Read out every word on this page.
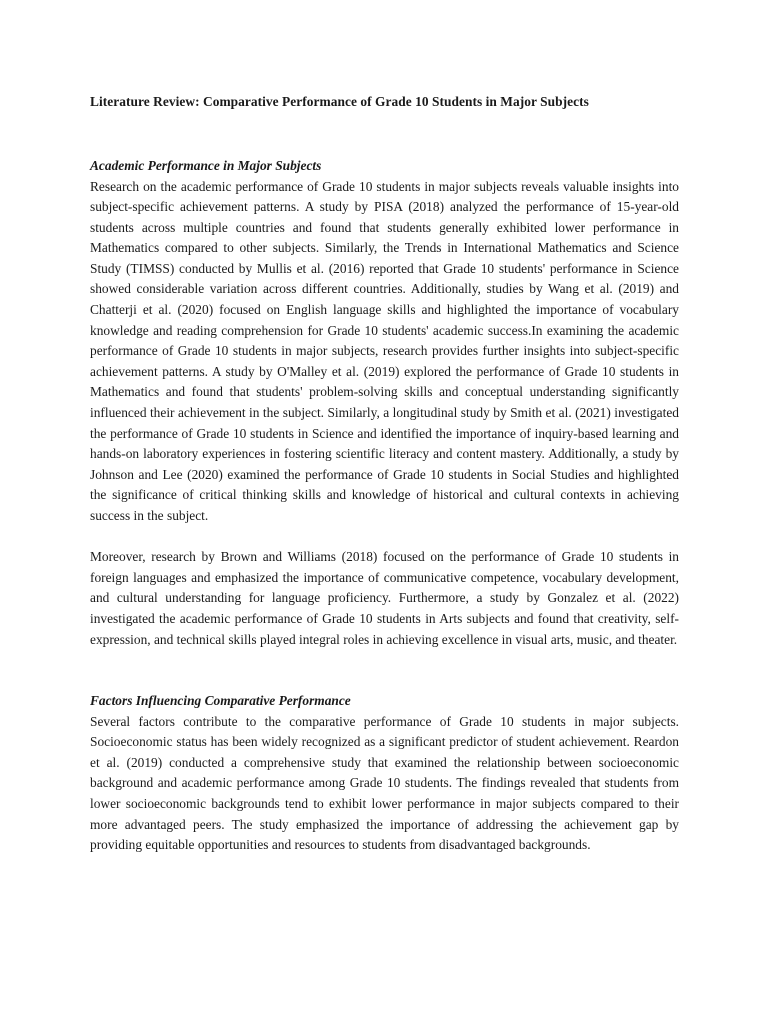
Literature Review: Comparative Performance of Grade 10 Students in Major Subjects
Academic Performance in Major Subjects

Research on the academic performance of Grade 10 students in major subjects reveals valuable insights into subject-specific achievement patterns. A study by PISA (2018) analyzed the performance of 15-year-old students across multiple countries and found that students generally exhibited lower performance in Mathematics compared to other subjects. Similarly, the Trends in International Mathematics and Science Study (TIMSS) conducted by Mullis et al. (2016) reported that Grade 10 students' performance in Science showed considerable variation across different countries. Additionally, studies by Wang et al. (2019) and Chatterji et al. (2020) focused on English language skills and highlighted the importance of vocabulary knowledge and reading comprehension for Grade 10 students' academic success.In examining the academic performance of Grade 10 students in major subjects, research provides further insights into subject-specific achievement patterns. A study by O'Malley et al. (2019) explored the performance of Grade 10 students in Mathematics and found that students' problem-solving skills and conceptual understanding significantly influenced their achievement in the subject. Similarly, a longitudinal study by Smith et al. (2021) investigated the performance of Grade 10 students in Science and identified the importance of inquiry-based learning and hands-on laboratory experiences in fostering scientific literacy and content mastery. Additionally, a study by Johnson and Lee (2020) examined the performance of Grade 10 students in Social Studies and highlighted the significance of critical thinking skills and knowledge of historical and cultural contexts in achieving success in the subject.

Moreover, research by Brown and Williams (2018) focused on the performance of Grade 10 students in foreign languages and emphasized the importance of communicative competence, vocabulary development, and cultural understanding for language proficiency. Furthermore, a study by Gonzalez et al. (2022) investigated the academic performance of Grade 10 students in Arts subjects and found that creativity, self-expression, and technical skills played integral roles in achieving excellence in visual arts, music, and theater.

Factors Influencing Comparative Performance

Several factors contribute to the comparative performance of Grade 10 students in major subjects. Socioeconomic status has been widely recognized as a significant predictor of student achievement. Reardon et al. (2019) conducted a comprehensive study that examined the relationship between socioeconomic background and academic performance among Grade 10 students. The findings revealed that students from lower socioeconomic backgrounds tend to exhibit lower performance in major subjects compared to their more advantaged peers. The study emphasized the importance of addressing the achievement gap by providing equitable opportunities and resources to students from disadvantaged backgrounds.
